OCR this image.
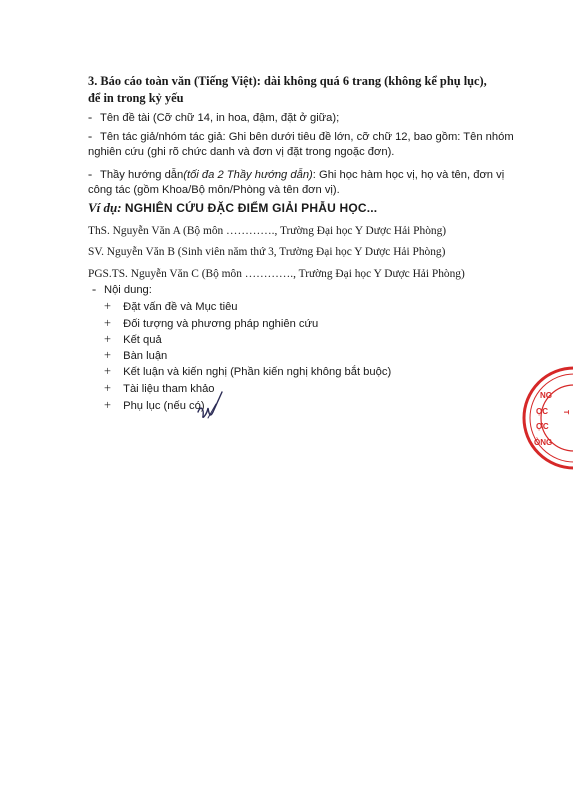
3. Báo cáo toàn văn (Tiếng Việt): dài không quá 6 trang (không kể phụ lục),
để in trong kỷ yếu
- Tên đề tài (Cỡ chữ 14, in hoa, đậm, đặt ở giữa);
- Tên tác giả/nhóm tác giả: Ghi bên dưới tiêu đề lớn, cỡ chữ 12, bao gồm: Tên nhóm
nghiên cứu (ghi rõ chức danh và đơn vị đặt trong ngoặc đơn).
- Thầy hướng dẫn(tối đa 2 Thầy hướng dẫn): Ghi học hàm học vị, họ và tên, đơn vị
công tác (gồm Khoa/Bộ môn/Phòng và tên đơn vị).
Ví dụ: NGHIÊN CỨU ĐẶC ĐIỂM GIẢI PHẪU HỌC...
ThS. Nguyễn Văn A (Bộ môn …………., Trường Đại học Y Dược Hải Phòng)
SV. Nguyễn Văn B (Sinh viên năm thứ 3, Trường Đại học Y Dược Hải Phòng)
PGS.TS. Nguyễn Văn C (Bộ môn …………., Trường Đại học Y Dược Hải Phòng)
- Nội dung:
+ Đặt vấn đề và Mục tiêu
+ Đối tượng và phương pháp nghiên cứu
+ Kết quả
+ Bàn luận
+ Kết luận và kiến nghị (Phần kiến nghị không bắt buộc)
+ Tài liệu tham khảo
+ Phụ lục (nếu có)
NG
ỌC
ỢC
ÒNG
T
